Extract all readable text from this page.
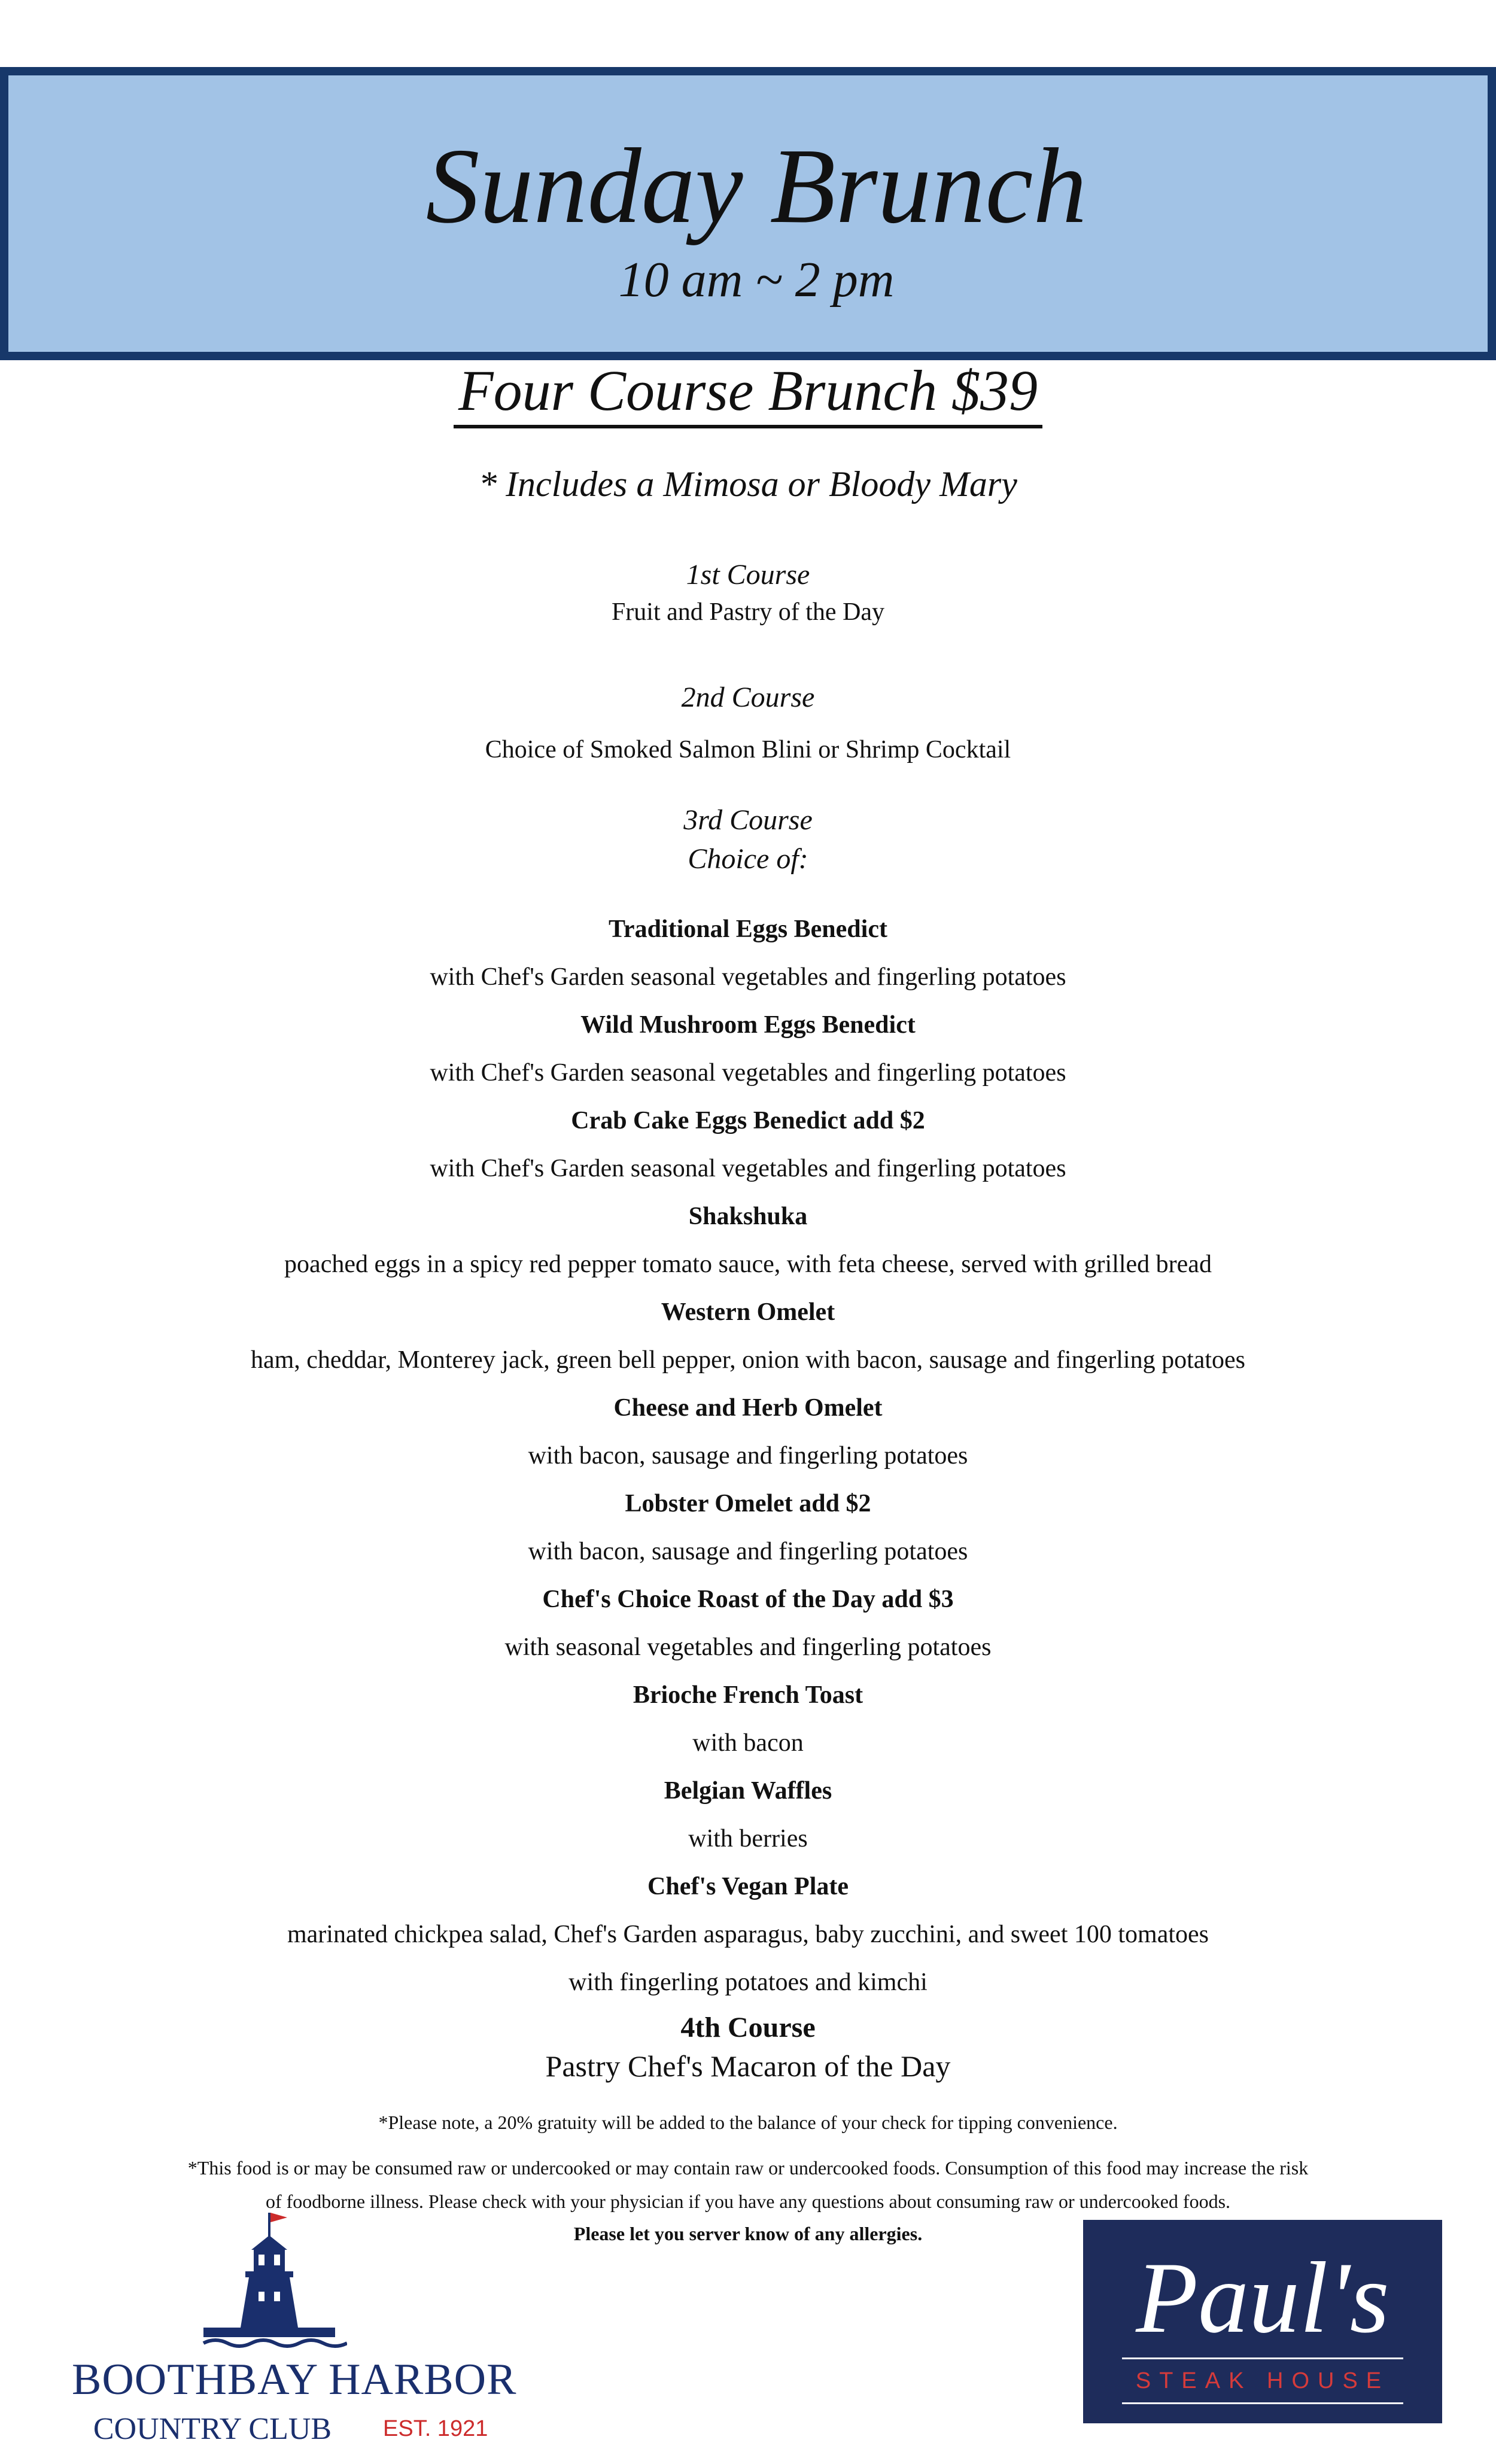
Sunday Brunch
10 am ~ 2 pm
Four Course Brunch $39
* Includes a Mimosa or Bloody Mary
1st Course
Fruit and Pastry of the Day
2nd Course
Choice of Smoked Salmon Blini or Shrimp Cocktail
3rd Course
Choice of:
Traditional Eggs Benedict
with Chef's Garden seasonal vegetables and fingerling potatoes
Wild Mushroom Eggs Benedict
with Chef's Garden seasonal vegetables and fingerling potatoes
Crab Cake Eggs Benedict add $2
with Chef's Garden seasonal vegetables and fingerling potatoes
Shakshuka
poached eggs in a spicy red pepper tomato sauce, with feta cheese, served with grilled bread
Western Omelet
ham, cheddar, Monterey jack, green bell pepper, onion with bacon, sausage and fingerling potatoes
Cheese and Herb Omelet
with bacon, sausage and fingerling potatoes
Lobster Omelet add $2
with bacon, sausage and fingerling potatoes
Chef's Choice Roast of the Day add $3
with seasonal vegetables and fingerling potatoes
Brioche French Toast
with bacon
Belgian Waffles
with berries
Chef's Vegan Plate
marinated chickpea salad, Chef's Garden asparagus, baby zucchini, and sweet 100 tomatoes
with fingerling potatoes and kimchi
4th Course
Pastry Chef's Macaron of the Day
*Please note, a 20% gratuity will be added to the balance of your check for tipping convenience.
*This food is or may be consumed raw or undercooked or may contain raw or undercooked foods. Consumption of this food may increase the risk
of foodborne illness. Please check with your physician if you have any questions about consuming raw or undercooked foods.
Please let you server know of any allergies.
BOOTHBAY HARBOR
COUNTRY CLUB	EST. 1921
Paul's
STEAK HOUSE
